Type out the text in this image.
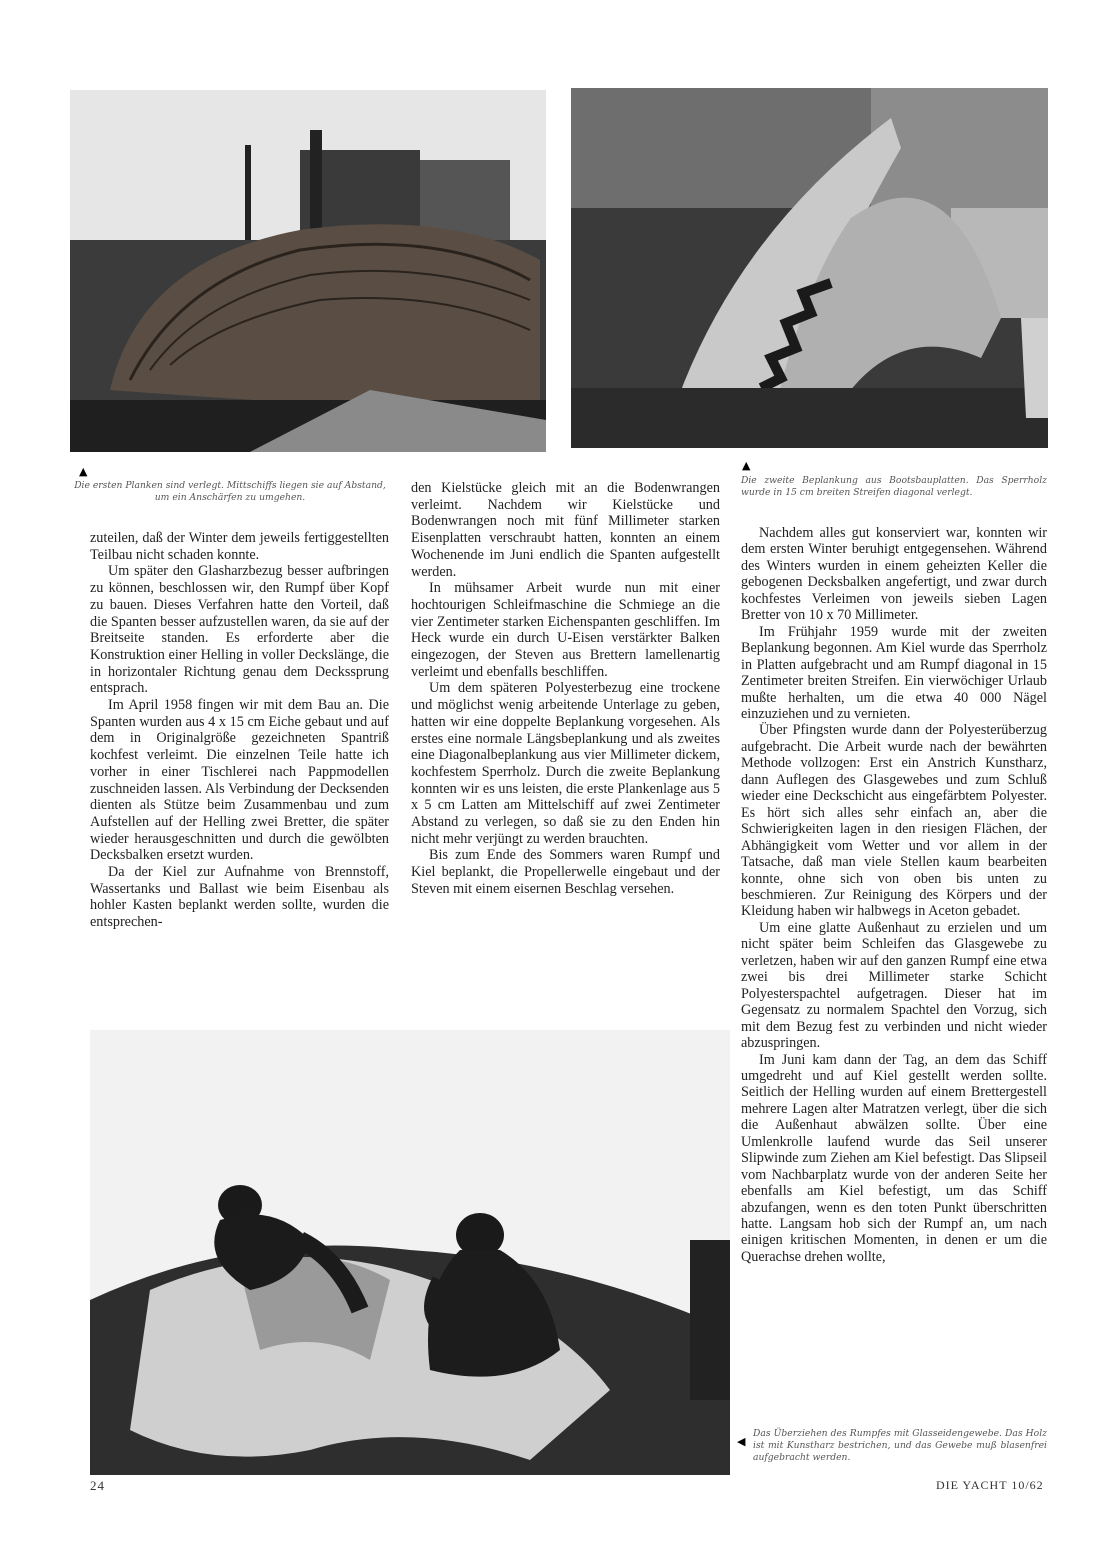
▲
Die ersten Planken sind verlegt. Mittschiffs liegen sie auf Abstand, um ein Anschärfen zu umgehen.
▲
Die zweite Beplankung aus Bootsbauplatten. Das Sperrholz wurde in 15 cm breiten Streifen diagonal verlegt.

zuteilen, daß der Winter dem jeweils fertiggestellten Teilbau nicht schaden konnte.

Um später den Glasharzbezug besser aufbringen zu können, beschlossen wir, den Rumpf über Kopf zu bauen. Dieses Verfahren hatte den Vorteil, daß die Spanten besser aufzustellen waren, da sie auf der Breitseite standen. Es erforderte aber die Konstruktion einer Helling in voller Deckslänge, die in horizontaler Richtung genau dem Deckssprung entsprach.

Im April 1958 fingen wir mit dem Bau an. Die Spanten wurden aus 4 x 15 cm Eiche gebaut und auf dem in Originalgröße gezeichneten Spantriß kochfest verleimt. Die einzelnen Teile hatte ich vorher in einer Tischlerei nach Pappmodellen zuschneiden lassen. Als Verbindung der Decksenden dienten als Stütze beim Zusammenbau und zum Aufstellen auf der Helling zwei Bretter, die später wieder herausgeschnitten und durch die gewölbten Decksbalken ersetzt wurden.

Da der Kiel zur Aufnahme von Brennstoff, Wassertanks und Ballast wie beim Eisenbau als hohler Kasten beplankt werden sollte, wurden die entsprechen-

den Kielstücke gleich mit an die Bodenwrangen verleimt. Nachdem wir Kielstücke und Bodenwrangen noch mit fünf Millimeter starken Eisenplatten verschraubt hatten, konnten an einem Wochenende im Juni endlich die Spanten aufgestellt werden.

In mühsamer Arbeit wurde nun mit einer hochtourigen Schleifmaschine die Schmiege an die vier Zentimeter starken Eichenspanten geschliffen. Im Heck wurde ein durch U-Eisen verstärkter Balken eingezogen, der Steven aus Brettern lamellenartig verleimt und ebenfalls beschliffen.

Um dem späteren Polyesterbezug eine trockene und möglichst wenig arbeitende Unterlage zu geben, hatten wir eine doppelte Beplankung vorgesehen. Als erstes eine normale Längsbeplankung und als zweites eine Diagonalbeplankung aus vier Millimeter dickem, kochfestem Sperrholz. Durch die zweite Beplankung konnten wir es uns leisten, die erste Plankenlage aus 5 x 5 cm Latten am Mittelschiff auf zwei Zentimeter Abstand zu verlegen, so daß sie zu den Enden hin nicht mehr verjüngt zu werden brauchten.

Bis zum Ende des Sommers waren Rumpf und Kiel beplankt, die Propellerwelle eingebaut und der Steven mit einem eisernen Beschlag versehen.

Nachdem alles gut konserviert war, konnten wir dem ersten Winter beruhigt entgegensehen. Während des Winters wurden in einem geheizten Keller die gebogenen Decksbalken angefertigt, und zwar durch kochfestes Verleimen von jeweils sieben Lagen Bretter von 10 x 70 Millimeter.

Im Frühjahr 1959 wurde mit der zweiten Beplankung begonnen. Am Kiel wurde das Sperrholz in Platten aufgebracht und am Rumpf diagonal in 15 Zentimeter breiten Streifen. Ein vierwöchiger Urlaub mußte herhalten, um die etwa 40 000 Nägel einzuziehen und zu vernieten.

Über Pfingsten wurde dann der Polyesterüberzug aufgebracht. Die Arbeit wurde nach der bewährten Methode vollzogen: Erst ein Anstrich Kunstharz, dann Auflegen des Glasgewebes und zum Schluß wieder eine Deckschicht aus eingefärbtem Polyester. Es hört sich alles sehr einfach an, aber die Schwierigkeiten lagen in den riesigen Flächen, der Abhängigkeit vom Wetter und vor allem in der Tatsache, daß man viele Stellen kaum bearbeiten konnte, ohne sich von oben bis unten zu beschmieren. Zur Reinigung des Körpers und der Kleidung haben wir halbwegs in Aceton gebadet.

Um eine glatte Außenhaut zu erzielen und um nicht später beim Schleifen das Glasgewebe zu verletzen, haben wir auf den ganzen Rumpf eine etwa zwei bis drei Millimeter starke Schicht Polyesterspachtel aufgetragen. Dieser hat im Gegensatz zu normalem Spachtel den Vorzug, sich mit dem Bezug fest zu verbinden und nicht wieder abzuspringen.

Im Juni kam dann der Tag, an dem das Schiff umgedreht und auf Kiel gestellt werden sollte. Seitlich der Helling wurden auf einem Brettergestell mehrere Lagen alter Matratzen verlegt, über die sich die Außenhaut abwälzen sollte. Über eine Umlenkrolle laufend wurde das Seil unserer Slipwinde zum Ziehen am Kiel befestigt. Das Slipseil vom Nachbarplatz wurde von der anderen Seite her ebenfalls am Kiel befestigt, um das Schiff abzufangen, wenn es den toten Punkt überschritten hatte. Langsam hob sich der Rumpf an, um nach einigen kritischen Momenten, in denen er um die Querachse drehen wollte,

◀
Das Überziehen des Rumpfes mit Glasseidengewebe. Das Holz ist mit Kunstharz bestrichen, und das Gewebe muß blasenfrei aufgebracht werden.
24	DIE YACHT 10/62
